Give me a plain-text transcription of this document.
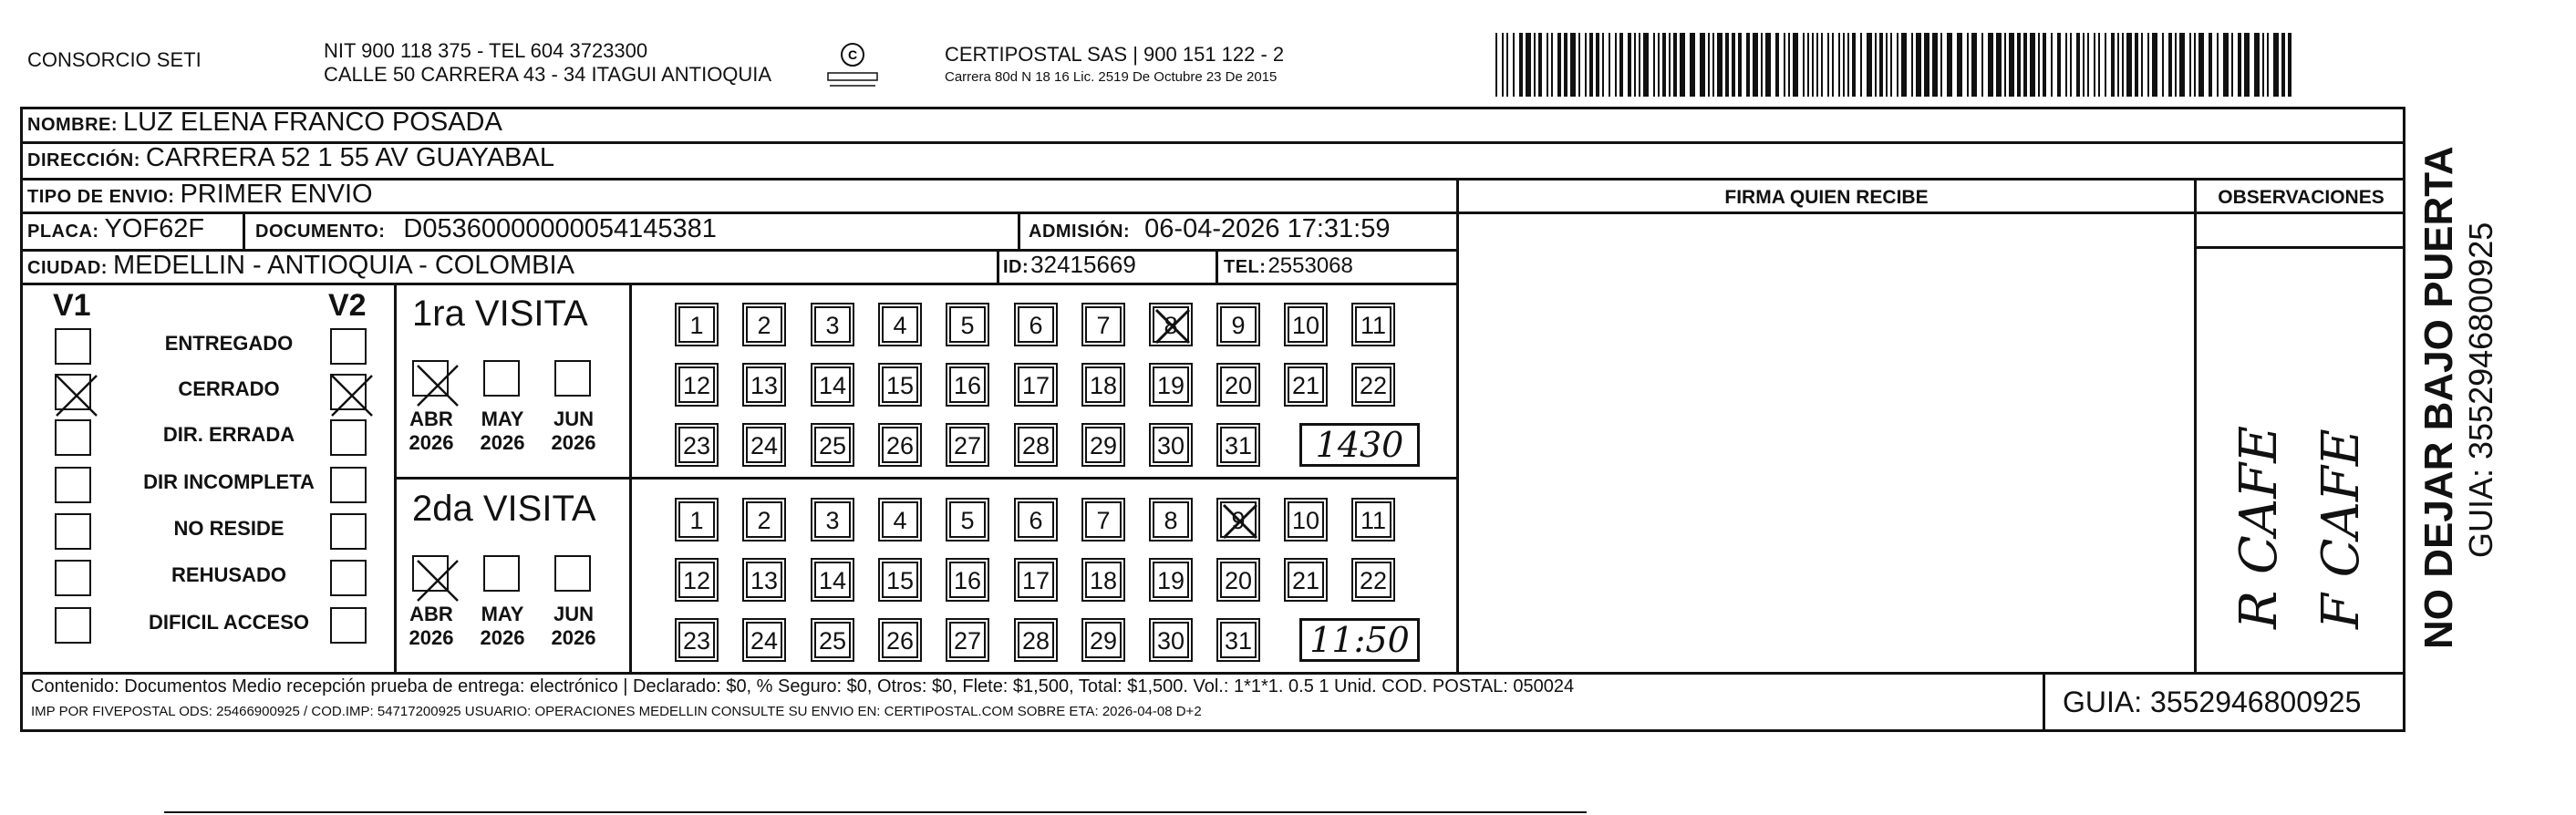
CONSORCIO SETI	NIT 900 118 375 - TEL 604 3723300
CALLE 50 CARRERA 43 - 34 ITAGUI ANTIOQUIA
C	CERTIPOSTAL SAS | 900 151 122 - 2
Carrera 80d N 18 16 Lic. 2519 De Octubre 23 De 2015
NOMBRE: LUZ ELENA FRANCO POSADA
DIRECCIÓN: CARRERA 52 1 55 AV GUAYABAL
TIPO DE ENVIO: PRIMER ENVIO	FIRMA QUIEN RECIBE	OBSERVACIONES
PLACA: YOF62F	DOCUMENTO: D05360000000054145381	ADMISIÓN: 06-04-2026 17:31:59
CIUDAD: MEDELLIN - ANTIOQUIA - COLOMBIA	ID: 32415669	TEL: 2553068
V1	V2
ENTREGADO
CERRADO
DIR. ERRADA
DIR INCOMPLETA
NO RESIDE
REHUSADO
DIFICIL ACCESO
1ra VISITA
ABR
2026
MAY
2026
JUN
2026
1	2	3	4	5	6	7	8	9	10 11
12 13 14 15 16 17 18 19 20 21 22
23 24 25 26 27 28 29 30 31	1430
2da VISITA
ABR
2026
MAY
2026
JUN
2026
1	2	3	4	5	6	7	8	9	10 11
12 13 14 15 16 17 18 19 20 21 22
23 24 25 26 27 28 29 30 31 11:50
R CAFE F CAFE NO DEJAR BAJO PUERTA GUIA: 3552946800925
Contenido: Documentos Medio recepción prueba de entrega: electrónico | Declarado: $0, % Seguro: $0, Otros: $0, Flete: $1,500, Total: $1,500. Vol.: 1*1*1. 0.5 1 Unid. COD. POSTAL: 050024
IMP POR FIVEPOSTAL ODS: 25466900925 / COD.IMP: 54717200925 USUARIO: OPERACIONES MEDELLIN CONSULTE SU ENVIO EN: CERTIPOSTAL.COM SOBRE ETA: 2026-04-08 D+2	GUIA: 3552946800925
